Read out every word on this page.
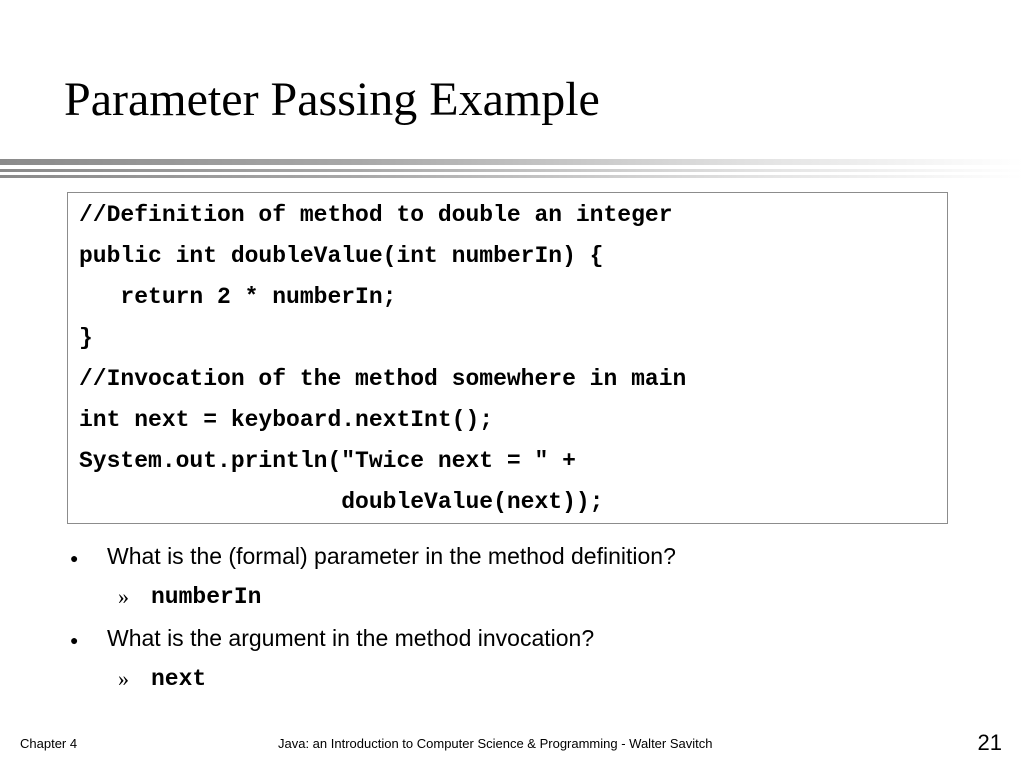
Parameter Passing Example
//Definition of method to double an integer
public int doubleValue(int numberIn) {
return 2 * numberIn;
}
//Invocation of the method somewhere in main
int next = keyboard.nextInt();
System.out.println("Twice next = " +
doubleValue(next));
● What is the (formal) parameter in the method definition?
» numberIn
● What is the argument in the method invocation?
» next
Chapter 4	Java: an Introduction to Computer Science & Programming - Walter Savitch	21
